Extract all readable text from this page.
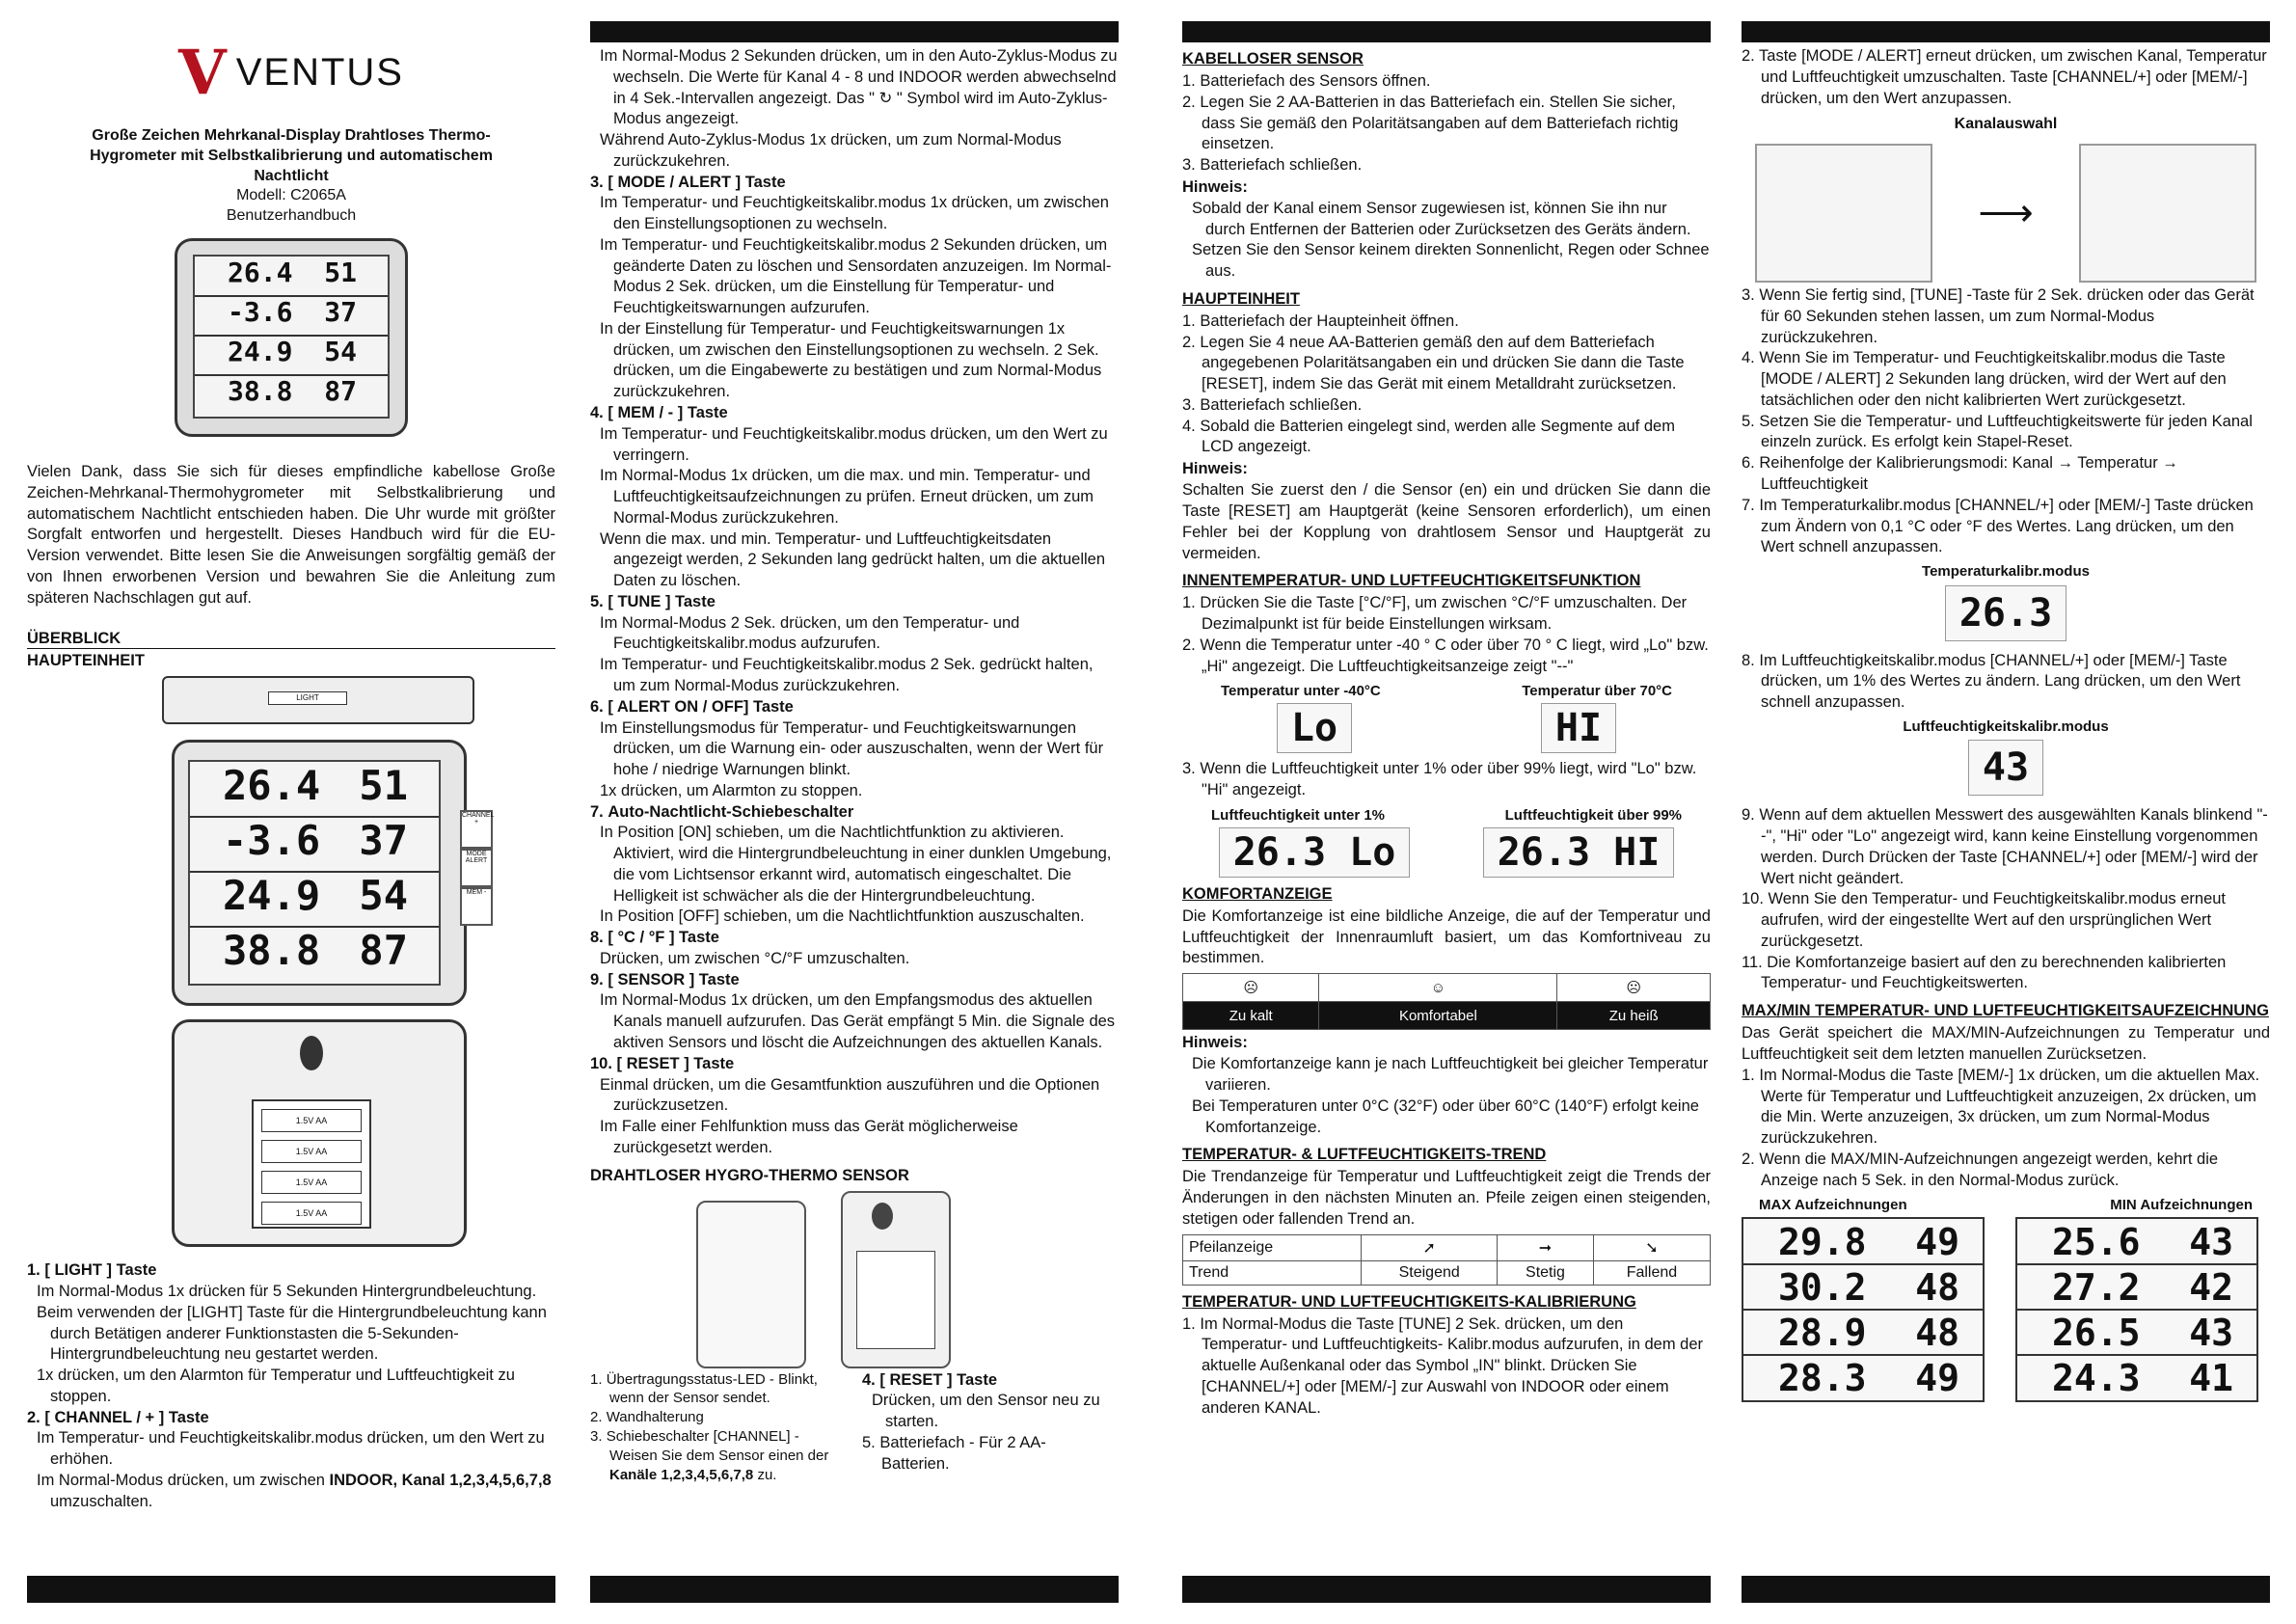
V VENTUS
Große Zeichen Mehrkanal-Display Drahtloses Thermo-Hygrometer mit Selbstkalibrierung und automatischem Nachtlicht
Modell: C2065A
Benutzerhandbuch
26.4 51
-3.6 37
24.9 54
38.8 87

Vielen Dank, dass Sie sich für dieses empfindliche kabellose Große Zeichen-Mehrkanal-Thermohygrometer mit Selbstkalibrierung und automatischem Nachtlicht entschieden haben. Die Uhr wurde mit größter Sorgfalt entworfen und hergestellt. Dieses Handbuch wird für die EU-Version verwendet. Bitte lesen Sie die Anweisungen sorgfältig gemäß der von Ihnen erworbenen Version und bewahren Sie die Anleitung zum späteren Nachschlagen gut auf.

ÜBERBLICK
HAUPTEINHEIT
LIGHT
26.4 51
-3.6 37
24.9 54
38.8 87
CHANNEL +
MODE ALERT
MEM -
1.5V AA
1.5V AA
1.5V AA
1.5V AA
1. [ LIGHT ] Taste
Im Normal-Modus 1x drücken für 5 Sekunden Hintergrundbeleuchtung.
Beim verwenden der [LIGHT] Taste für die Hintergrundbeleuchtung kann durch Betätigen anderer Funktionstasten die 5-Sekunden-Hintergrundbeleuchtung neu gestartet werden.
1x drücken, um den Alarmton für Temperatur und Luftfeuchtigkeit zu stoppen.
2. [ CHANNEL / + ] Taste
Im Temperatur- und Feuchtigkeitskalibr.modus drücken, um den Wert zu erhöhen.
Im Normal-Modus drücken, um zwischen INDOOR, Kanal 1,2,3,4,5,6,7,8 umzuschalten.
Im Normal-Modus 2 Sekunden drücken, um in den Auto-Zyklus-Modus zu wechseln. Die Werte für Kanal 4 - 8 und INDOOR werden abwechselnd in 4 Sek.-Intervallen angezeigt. Das " ↻ " Symbol wird im Auto-Zyklus-Modus angezeigt.
Während Auto-Zyklus-Modus 1x drücken, um zum Normal-Modus zurückzukehren.
3. [ MODE / ALERT ] Taste
Im Temperatur- und Feuchtigkeitskalibr.modus 1x drücken, um zwischen den Einstellungsoptionen zu wechseln.
Im Temperatur- und Feuchtigkeitskalibr.modus 2 Sekunden drücken, um geänderte Daten zu löschen und Sensordaten anzuzeigen. Im Normal-Modus 2 Sek. drücken, um die Einstellung für Temperatur- und Feuchtigkeitswarnungen aufzurufen.
In der Einstellung für Temperatur- und Feuchtigkeitswarnungen 1x drücken, um zwischen den Einstellungsoptionen zu wechseln. 2 Sek. drücken, um die Eingabewerte zu bestätigen und zum Normal-Modus zurückzukehren.
4. [ MEM / - ] Taste
Im Temperatur- und Feuchtigkeitskalibr.modus drücken, um den Wert zu verringern.
Im Normal-Modus 1x drücken, um die max. und min. Temperatur- und Luftfeuchtigkeitsaufzeichnungen zu prüfen. Erneut drücken, um zum Normal-Modus zurückzukehren.
Wenn die max. und min. Temperatur- und Luftfeuchtigkeitsdaten angezeigt werden, 2 Sekunden lang gedrückt halten, um die aktuellen Daten zu löschen.
5. [ TUNE ] Taste
Im Normal-Modus 2 Sek. drücken, um den Temperatur- und Feuchtigkeitskalibr.modus aufzurufen.
Im Temperatur- und Feuchtigkeitskalibr.modus 2 Sek. gedrückt halten, um zum Normal-Modus zurückzukehren.
6. [ ALERT ON / OFF] Taste
Im Einstellungsmodus für Temperatur- und Feuchtigkeitswarnungen drücken, um die Warnung ein- oder auszuschalten, wenn der Wert für hohe / niedrige Warnungen blinkt.
1x drücken, um Alarmton zu stoppen.
7. Auto-Nachtlicht-Schiebeschalter
In Position [ON] schieben, um die Nachtlichtfunktion zu aktivieren. Aktiviert, wird die Hintergrundbeleuchtung in einer dunklen Umgebung, die vom Lichtsensor erkannt wird, automatisch eingeschaltet. Die Helligkeit ist schwächer als die der Hintergrundbeleuchtung.
In Position [OFF] schieben, um die Nachtlichtfunktion auszuschalten.
8. [ °C / °F ] Taste
Drücken, um zwischen °C/°F umzuschalten.
9. [ SENSOR ] Taste
Im Normal-Modus 1x drücken, um den Empfangsmodus des aktuellen Kanals manuell aufzurufen. Das Gerät empfängt 5 Min. die Signale des aktiven Sensors und löscht die Aufzeichnungen des aktuellen Kanals.
10. [ RESET ] Taste
Einmal drücken, um die Gesamtfunktion auszuführen und die Optionen zurückzusetzen.
Im Falle einer Fehlfunktion muss das Gerät möglicherweise zurückgesetzt werden.
DRAHTLOSER HYGRO-THERMO SENSOR
1. Übertragungsstatus-LED - Blinkt, wenn der Sensor sendet.
2. Wandhalterung
3. Schiebeschalter [CHANNEL] - Weisen Sie dem Sensor einen der Kanäle 1,2,3,4,5,6,7,8 zu.
4. [ RESET ] Taste
Drücken, um den Sensor neu zu starten.
5. Batteriefach - Für 2 AA-Batterien.
KABELLOSER SENSOR
1. Batteriefach des Sensors öffnen.
2. Legen Sie 2 AA-Batterien in das Batteriefach ein. Stellen Sie sicher, dass Sie gemäß den Polaritätsangaben auf dem Batteriefach richtig einsetzen.
3. Batteriefach schließen.
Hinweis:
Sobald der Kanal einem Sensor zugewiesen ist, können Sie ihn nur durch Entfernen der Batterien oder Zurücksetzen des Geräts ändern.
Setzen Sie den Sensor keinem direkten Sonnenlicht, Regen oder Schnee aus.
HAUPTEINHEIT
1. Batteriefach der Haupteinheit öffnen.
2. Legen Sie 4 neue AA-Batterien gemäß den auf dem Batteriefach angegebenen Polaritätsangaben ein und drücken Sie dann die Taste [RESET], indem Sie das Gerät mit einem Metalldraht zurücksetzen.
3. Batteriefach schließen.
4. Sobald die Batterien eingelegt sind, werden alle Segmente auf dem LCD angezeigt.
Hinweis:

Schalten Sie zuerst den / die Sensor (en) ein und drücken Sie dann die Taste [RESET] am Hauptgerät (keine Sensoren erforderlich), um einen Fehler bei der Kopplung von drahtlosem Sensor und Hauptgerät zu vermeiden.

INNENTEMPERATUR- UND LUFTFEUCHTIGKEITSFUNKTION
1. Drücken Sie die Taste [°C/°F], um zwischen °C/°F umzuschalten. Der Dezimalpunkt ist für beide Einstellungen wirksam.
2. Wenn die Temperatur unter -40 ° C oder über 70 ° C liegt, wird „Lo" bzw. „Hi" angezeigt. Die Luftfeuchtigkeitsanzeige zeigt "--"
Temperatur unter -40°C	Temperatur über 70°C
Lo	HI
3. Wenn die Luftfeuchtigkeit unter 1% oder über 99% liegt, wird "Lo" bzw. "Hi" angezeigt.
Luftfeuchtigkeit unter 1%	Luftfeuchtigkeit über 99%
26.3 Lo	26.3 HI
KOMFORTANZEIGE

Die Komfortanzeige ist eine bildliche Anzeige, die auf der Temperatur und Luftfeuchtigkeit der Innenraumluft basiert, um das Komfortniveau zu bestimmen.

☹	☺	☹
Zu kalt	Komfortabel	Zu heiß
Hinweis:
Die Komfortanzeige kann je nach Luftfeuchtigkeit bei gleicher Temperatur variieren.
Bei Temperaturen unter 0°C (32°F) oder über 60°C (140°F) erfolgt keine Komfortanzeige.
TEMPERATUR- & LUFTFEUCHTIGKEITS-TREND

Die Trendanzeige für Temperatur und Luftfeuchtigkeit zeigt die Trends der Änderungen in den nächsten Minuten an. Pfeile zeigen einen steigenden, stetigen oder fallenden Trend an.

Pfeilanzeige	➚	➞	➘
Trend	Steigend	Stetig	Fallend
TEMPERATUR- UND LUFTFEUCHTIGKEITS-KALIBRIERUNG
1. Im Normal-Modus die Taste [TUNE] 2 Sek. drücken, um den Temperatur- und Luftfeuchtigkeits- Kalibr.modus aufzurufen, in dem der aktuelle Außenkanal oder das Symbol „IN" blinkt. Drücken Sie [CHANNEL/+] oder [MEM/-] zur Auswahl von INDOOR oder einem anderen KANAL.
2. Taste [MODE / ALERT] erneut drücken, um zwischen Kanal, Temperatur und Luftfeuchtigkeit umzuschalten. Taste [CHANNEL/+] oder [MEM/-] drücken, um den Wert anzupassen.
Kanalauswahl
⟶
3. Wenn Sie fertig sind, [TUNE] -Taste für 2 Sek. drücken oder das Gerät für 60 Sekunden stehen lassen, um zum Normal-Modus zurückzukehren.
4. Wenn Sie im Temperatur- und Feuchtigkeitskalibr.modus die Taste [MODE / ALERT] 2 Sekunden lang drücken, wird der Wert auf den tatsächlichen oder den nicht kalibrierten Wert zurückgesetzt.
5. Setzen Sie die Temperatur- und Luftfeuchtigkeitswerte für jeden Kanal einzeln zurück. Es erfolgt kein Stapel-Reset.
6. Reihenfolge der Kalibrierungsmodi: Kanal → Temperatur → Luftfeuchtigkeit
7. Im Temperaturkalibr.modus [CHANNEL/+] oder [MEM/-] Taste drücken zum Ändern von 0,1 °C oder °F des Wertes. Lang drücken, um den Wert schnell anzupassen.
Temperaturkalibr.modus
26.3
8. Im Luftfeuchtigkeitskalibr.modus [CHANNEL/+] oder [MEM/-] Taste drücken, um 1% des Wertes zu ändern. Lang drücken, um den Wert schnell anzupassen.
Luftfeuchtigkeitskalibr.modus
43
9. Wenn auf dem aktuellen Messwert des ausgewählten Kanals blinkend "--", "Hi" oder "Lo" angezeigt wird, kann keine Einstellung vorgenommen werden. Durch Drücken der Taste [CHANNEL/+] oder [MEM/-] wird der Wert nicht geändert.
10. Wenn Sie den Temperatur- und Feuchtigkeitskalibr.modus erneut aufrufen, wird der eingestellte Wert auf den ursprünglichen Wert zurückgesetzt.
11. Die Komfortanzeige basiert auf den zu berechnenden kalibrierten Temperatur- und Feuchtigkeitswerten.
MAX/MIN TEMPERATUR- UND LUFTFEUCHTIGKEITSAUFZEICHNUNG

Das Gerät speichert die MAX/MIN-Aufzeichnungen zu Temperatur und Luftfeuchtigkeit seit dem letzten manuellen Zurücksetzen.

1. Im Normal-Modus die Taste [MEM/-] 1x drücken, um die aktuellen Max. Werte für Temperatur und Luftfeuchtigkeit anzuzeigen, 2x drücken, um die Min. Werte anzuzeigen, 3x drücken, um zum Normal-Modus zurückzukehren.
2. Wenn die MAX/MIN-Aufzeichnungen angezeigt werden, kehrt die Anzeige nach 5 Sek. in den Normal-Modus zurück.
MAX Aufzeichnungen	MIN Aufzeichnungen
29.8 49
30.2 48
28.9 48
28.3 49
25.6 43
27.2 42
26.5 43
24.3 41
